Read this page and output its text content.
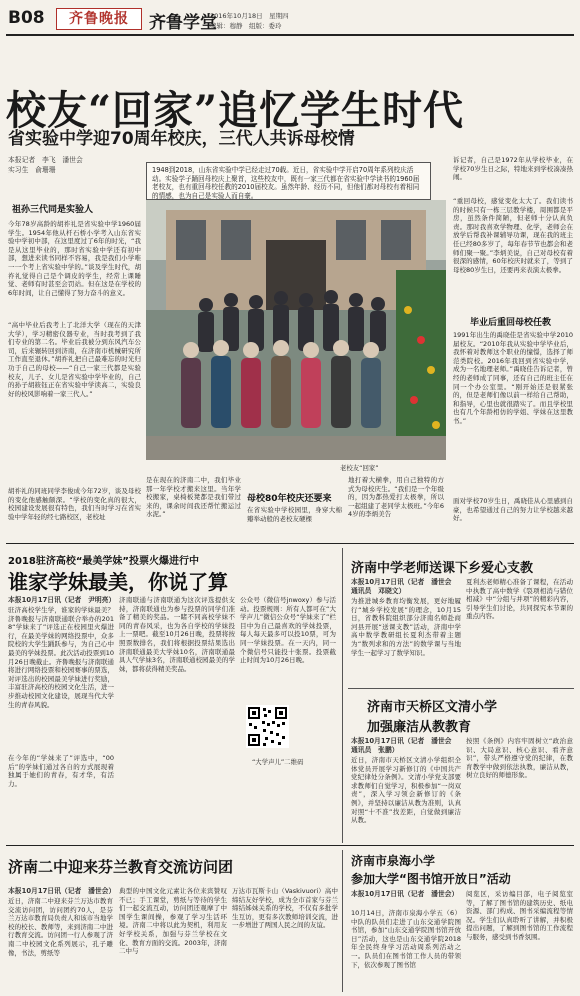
B08	齐鲁晚报	齐鲁学堂
2016年10月18日　星期四
编辑：穆静　组版：委玲
校友“回家”追忆学生时代
省实验中学迎70周年校庆，三代人共诉母校情
本报记者　李飞　潘世会
实习生　俞珊珊	1948到2018，山东省实验中学已经走过70载。近日，省实验中学开启70周年系列校庆活动。实验学子踊回母校庆上聚首，这些校友中，既有一家三代都在省实验中学读书的1960届老校友，也有重回母校任教的2010届校友。虽然年龄、经历不同，但他们都对母校有着相同的情感，也为自己是实验人而自豪。
祖孙三代同是实验人
今年78岁高龄的胡祚礼是省实验中学1960届学生。1954年他从杆石桥小学考入山东省实验中学初中部，在这里度过了6年的时光，“我是从这里毕业的，那时省实验中学还有初中部，想进来读书同样不容易，我是我们小学唯一一个考上省实验中学的。”谈及学生时代，胡祚礼觉得自己是个调皮的学生，经常上课睡觉、老师有时甚至会罚站。但在这是在学校的6年时间，让自己懂得了努力奋斗的意义。
“高中毕业后我考上了北洋大学（现在的天津大学），学习精密仪器专业，当时我考到了我们专业的第二名。毕业后我被分到东风汽车公司，后来辗转回到济南，在济南市机械研究所工作直至退休。”胡祚礼把自己最难忘的时光归功于自己的母校——“自己一家三代都是实验校友，儿子、女儿是省实验中学毕业的，自己的孙子胡筱钰正在省实验中学读高二，实验良好的校风影响着一家三代人。”
胡祚礼的同班同学李俊成今年72岁，谈及母校的变化他感触颇深。“学校的变化真的很大，校园建设发展很有特色，我们当时学习在省实验中学年轻的经七路校区，老校址
老校友“回家”
是在现在的济南二中，我们毕业那一年学校才搬来这里。当年学校搬家，桌椅板凳都是我们带过来的，课余时间我还帮忙搬运过水泥。”
母校80年校庆还要来
在省实验中学校园里，身穿大棉瓣举动般的老校友硬棵
地打着大横拳，用自己独特的方式为母校庆生。“我们是一个年级的，因为都热爱打太极拳，所以一起组建了老同学太极班。”今年64岁的李炳美告
诉记者，自己是1972年从学校毕业，在学校70岁生日之际，特地来到学校凑凑热闹。
“重回母校，感觉变化太大了。我们读书的时候只有一栋三层教学楼，周围都是平房，虽然条件简陋，但老师十分认真负责。那时我喜欢学物理、化学，老师会在放学后帮我补课辅导功课，现在我的班主任已经80多岁了，每年春节节也都会和老师们聚一聚。”李炳美说，自己对母校有着很深的感情，60年校庆时就来了，等到了母校80岁生日，还要再来表演太极拳。
毕业后重回母校任教
1991年出生的禹晓佳是省实验中学2010届校友。“2010年我从实验中学毕业后，我怀着对教师这个职业的憧憬，选择了师范类院校。2016年我回到省实验中学，成为一名地理老师。”禹晓佳告诉记者，曾经的老师成了同事，还有自己的班主任在同一个办公室里。“刚开始还是很紧张的，但是老师们像以前一样给自己帮助，和指导，心里也就很踏实了。而且学校里也有几个年龄相仿的学姐、学妹在这里教书。”
面对学校70岁生日，禹晓佳从心里感到自豪，也希望通过自己的努力让学校越来越好。
2018驻济高校“最美学妹”投票火爆进行中
谁家学妹最美，你说了算
本报10月17日讯（记者　尹明亮）
驻济高校学生学，谁家的学妹最美？济鲁晚报与济南联通联合举办的2018“学妹来了”评选正在校园里火爆进行，在最美学妹的网络投票中，众多院校的大学生踊跃参与，为自己心中最美的学妹投票。此次活动投票到10月26日晚截止。齐鲁晚报与济南联通将进行网络投票和校园赛事的票选，对评选出的校园最美学妹进行奖励，丰富驻济高校的校园文化生活，进一步推动校园文化建设，展现当代大学生的青春风貌。
在今年的“学妹来了”评选中，“00后”的学妹们通过各自的方式展现着独属于她们的青春，有才华，有活力。
济南联通与济南联通为这次评选提供支持，济南联通也为参与投票的同学们准备了精美的奖品。一睹不同高校学妹不同的青春风采，也为各自学校的学妹投上一票吧。截至10月26日晚，投票将按照票数排名，我们将根据投票结果选出济南联通最美大学妹10名，济南联通最具人气学妹3名，济南联通校园最美的学妹，都将获得精美奖品。
公众号（微信号jnwoxy）参与活动。投票规则：所有人都可在“大学声儿”微信公众号“学妹来了”栏目中为自己最喜欢的学妹投票，每人每天最多可以投10票，可为同一学妹投票。在一天内，同一个微信号只能投十张票。投票截止时间为10月26日晚。
“大学声儿”二维码
济南中学老师送课下乡爱心支教
本报10月17日讯（记者　潘世会　通讯员　邓晓文）
为推进城乡教育均衡发展，更好地履行“城乡学校发展”的理念，10月15日，省教科院组织部分济南名师赴商河县开展“送课支教”活动，济南中学高中数学教研组长夏利杰带着主题为“数列求和的方法”的数学课与当地学生一起学习了数学知识。
夏利杰老师精心准备了课程，在活动中执教了高中数学《裂项相消与错位相减》中“分组与并项”的精彩内容，引导学生们讨论，共同探究本节课的重点内容。
济南市天桥区文清小学
加强廉洁从教教育
本报10月17日讯（记者　潘世会　通讯员　张鹏）
近日，济南市天桥区文清小学组织全体党员开展学习新修订的《中国共产党纪律处分条例》。文清小学党支部要求教师们自觉学习，积极参加“一岗双责”，深入学习领会新修订的《条例》，并坚持以廉洁从教为准则，认真对照“十不准”找差距，自觉做到廉洁从教。
按照《条例》内容牢固树立“政治意识、大局意识、核心意识、看齐意识”，带头严格遵守党的纪律，在教育教学中做到依法执教，廉洁从教，树立良好的师德形象。
济南二中迎来芬兰教育交流访问团
本报10月17日讯（记者　潘世会）
近日，济南二中迎来芬兰万达市教育交流访问团，访问团约70人，是芬兰万达市教育局负责人和该市当地学校的校长、教师等，来到济南二中进行教育交流。访问团一行人参观了济南二中校园文化系列展示，孔子雕像，书法，剪纸等
典型的中国文化元素让各位来宾赞叹不已；手工课堂，剪纸与等待的学生们一起交流互动，访问团还观摩了中国学生课间操，参观了学习生活环境。济南二中将以此为契机，利用友好学校关系，加强与芬兰学校在文化、教育方面的交流。2003年，济南二中与
万达市瓦斯卡山（Vaskivuori）高中缔结友好学校，成为全市首家与芬兰缔结姊妹关系的学校，不仅有多批学生互访，更有多次教师培训交流，进一步增进了两国人民之间的友谊。
济南市泉海小学
参加大学“图书馆开放日”活动
本报10月17日讯（记者　潘世会）
10月14日，济南市泉海小学五（6）中队的队员们走进了山东交通学院图书馆，参加“山东交通学院图书馆开放日”活动，这也是山东交通学院2018年全民终身学习活动周系列活动之一。队员们在图书馆工作人员的带领下，依次参观了图书馆
阅览区，采访编目部，电子阅览室等，了解了图书馆的建筑历史、纸电资源、部门构成、图书采编流程等情况。学生们认真聆听了讲解，并积极提出问题，了解到图书馆的工作流程与服务，感受到书香氛围。
